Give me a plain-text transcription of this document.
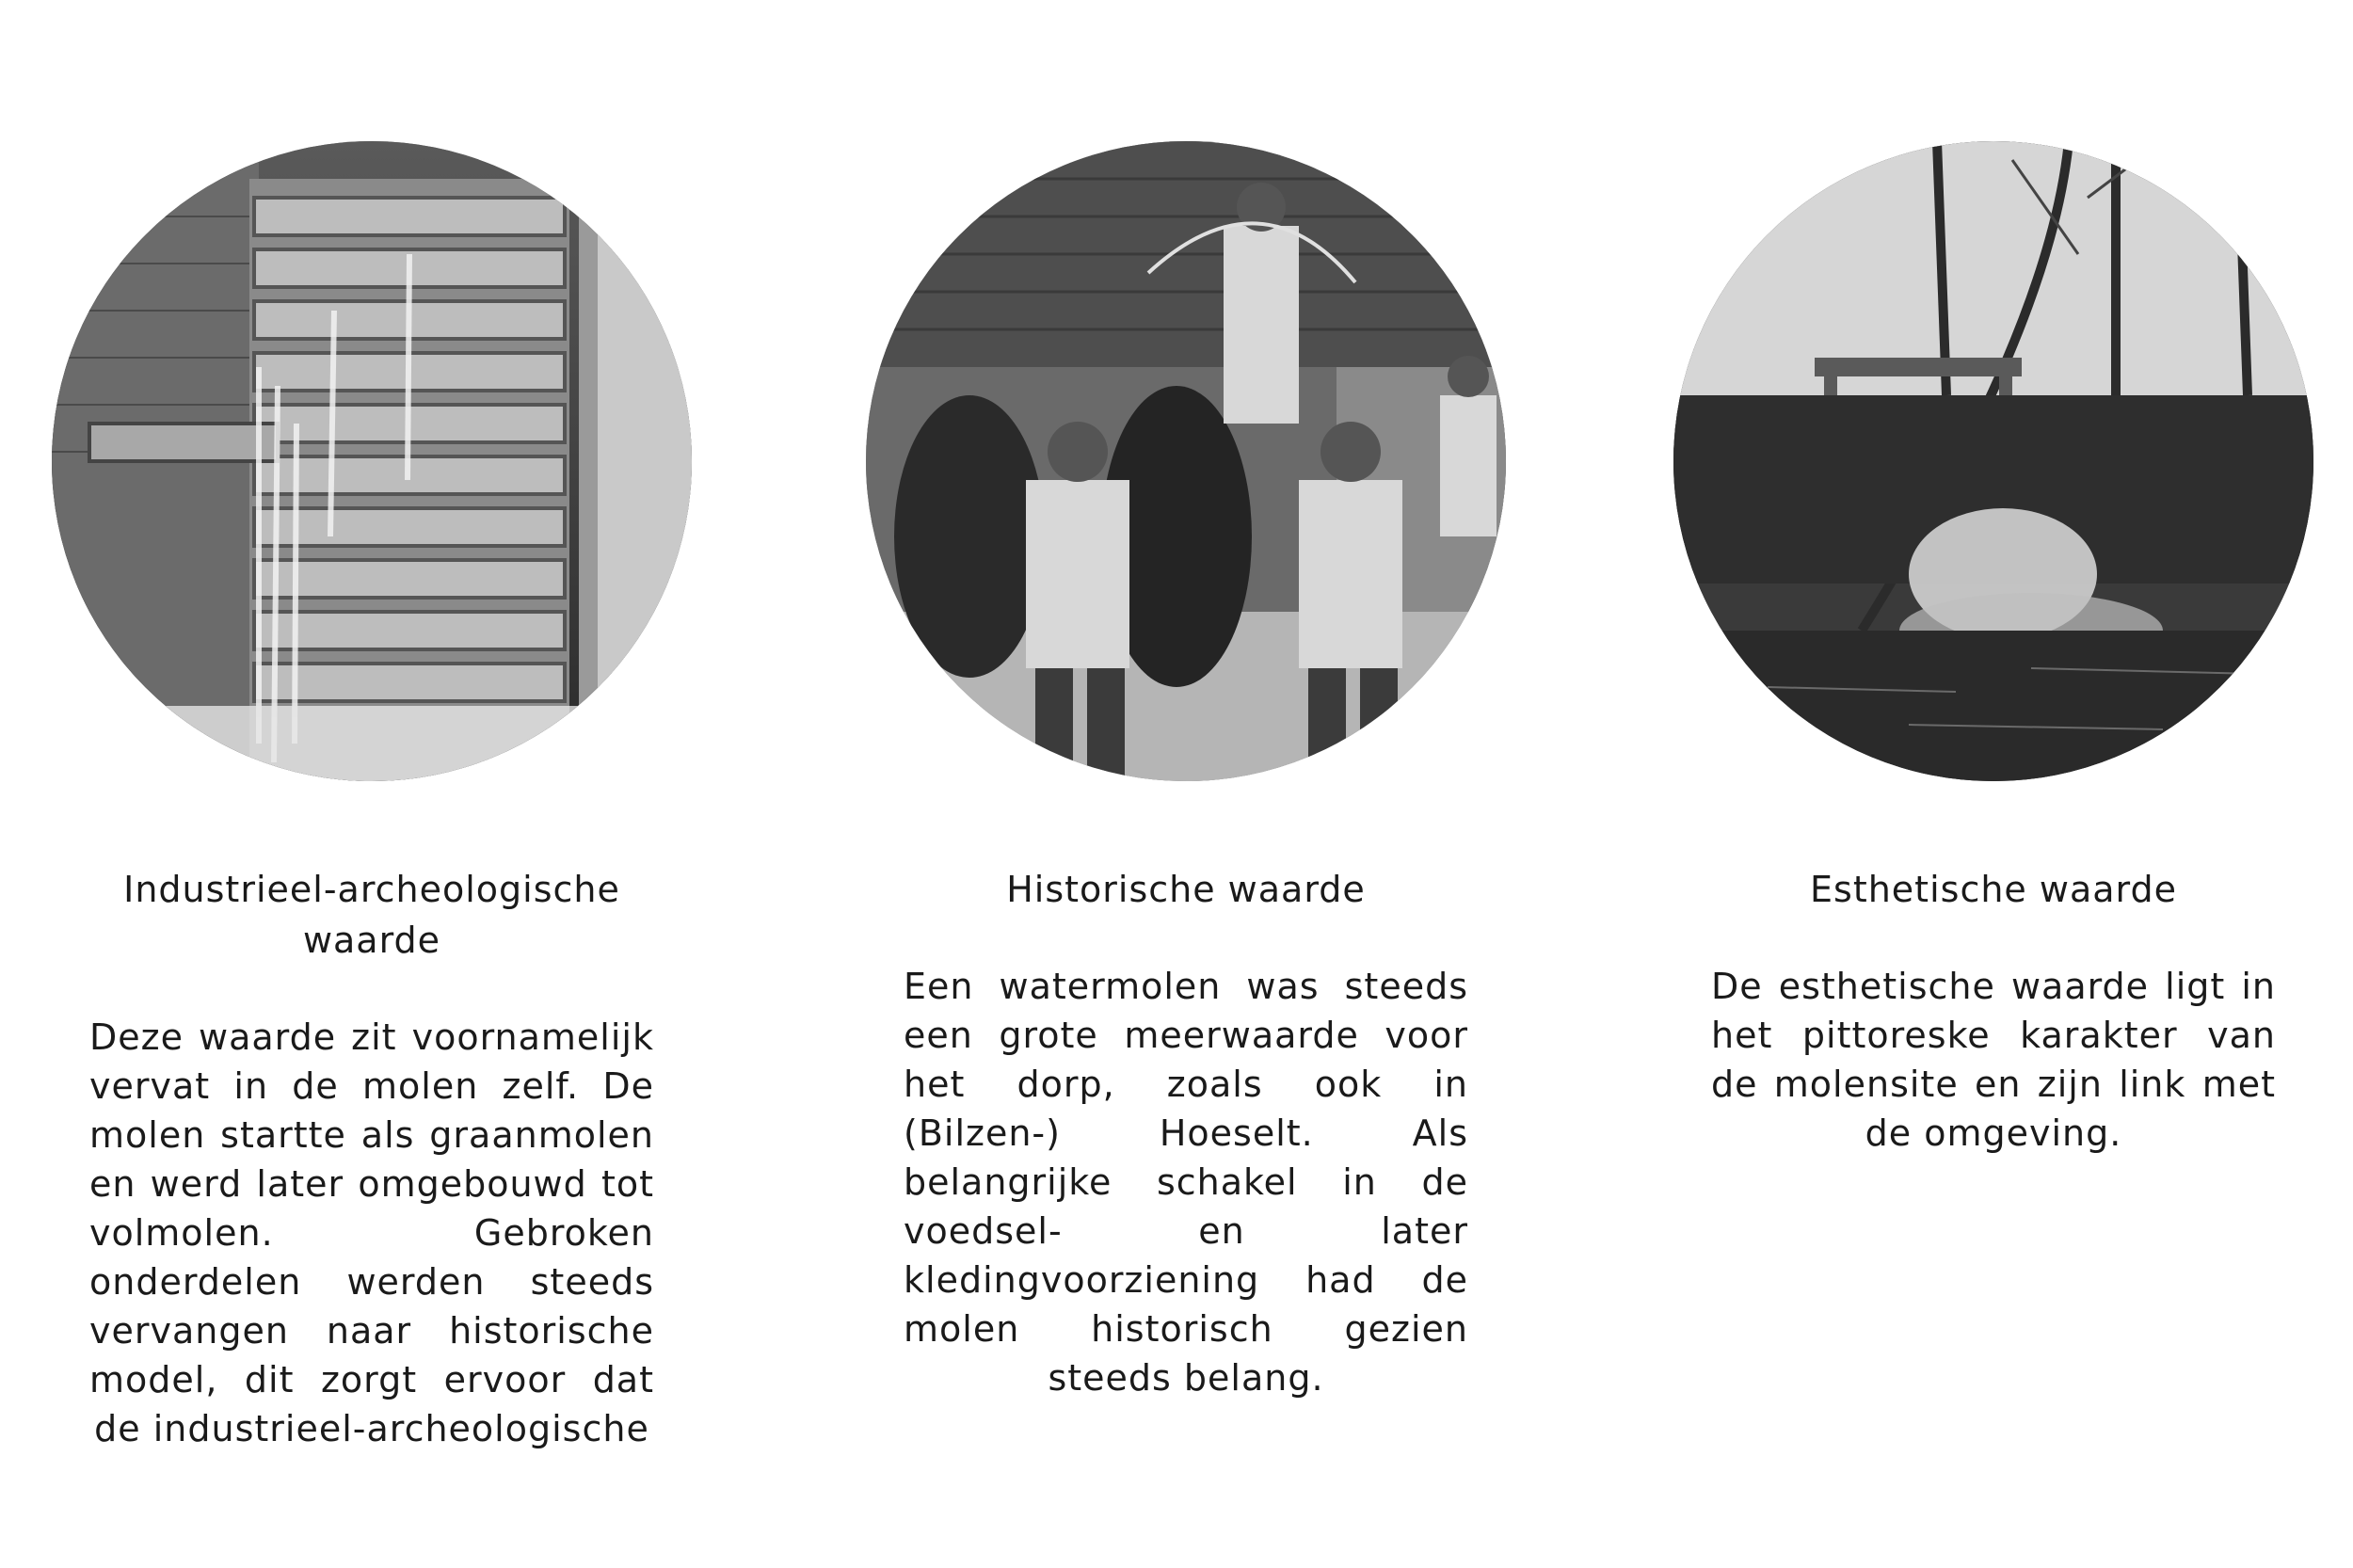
Industrieel-archeologische waarde
Deze waarde zit voornamelijk vervat in de molen zelf. De molen startte als graanmolen en werd later omgebouwd tot volmolen. Gebroken onderdelen werden steeds vervangen naar historische model, dit zorgt ervoor dat de industrieel-archeologische
Historische waarde
Een watermolen was steeds een grote meerwaarde voor het dorp, zoals ook in (Bilzen-) Hoeselt. Als belangrijke schakel in de voedsel- en later kledingvoorziening had de molen historisch gezien steeds belang.
Esthetische waarde
De esthetische waarde ligt in het pittoreske karakter van de molensite en zijn link met de omgeving.
